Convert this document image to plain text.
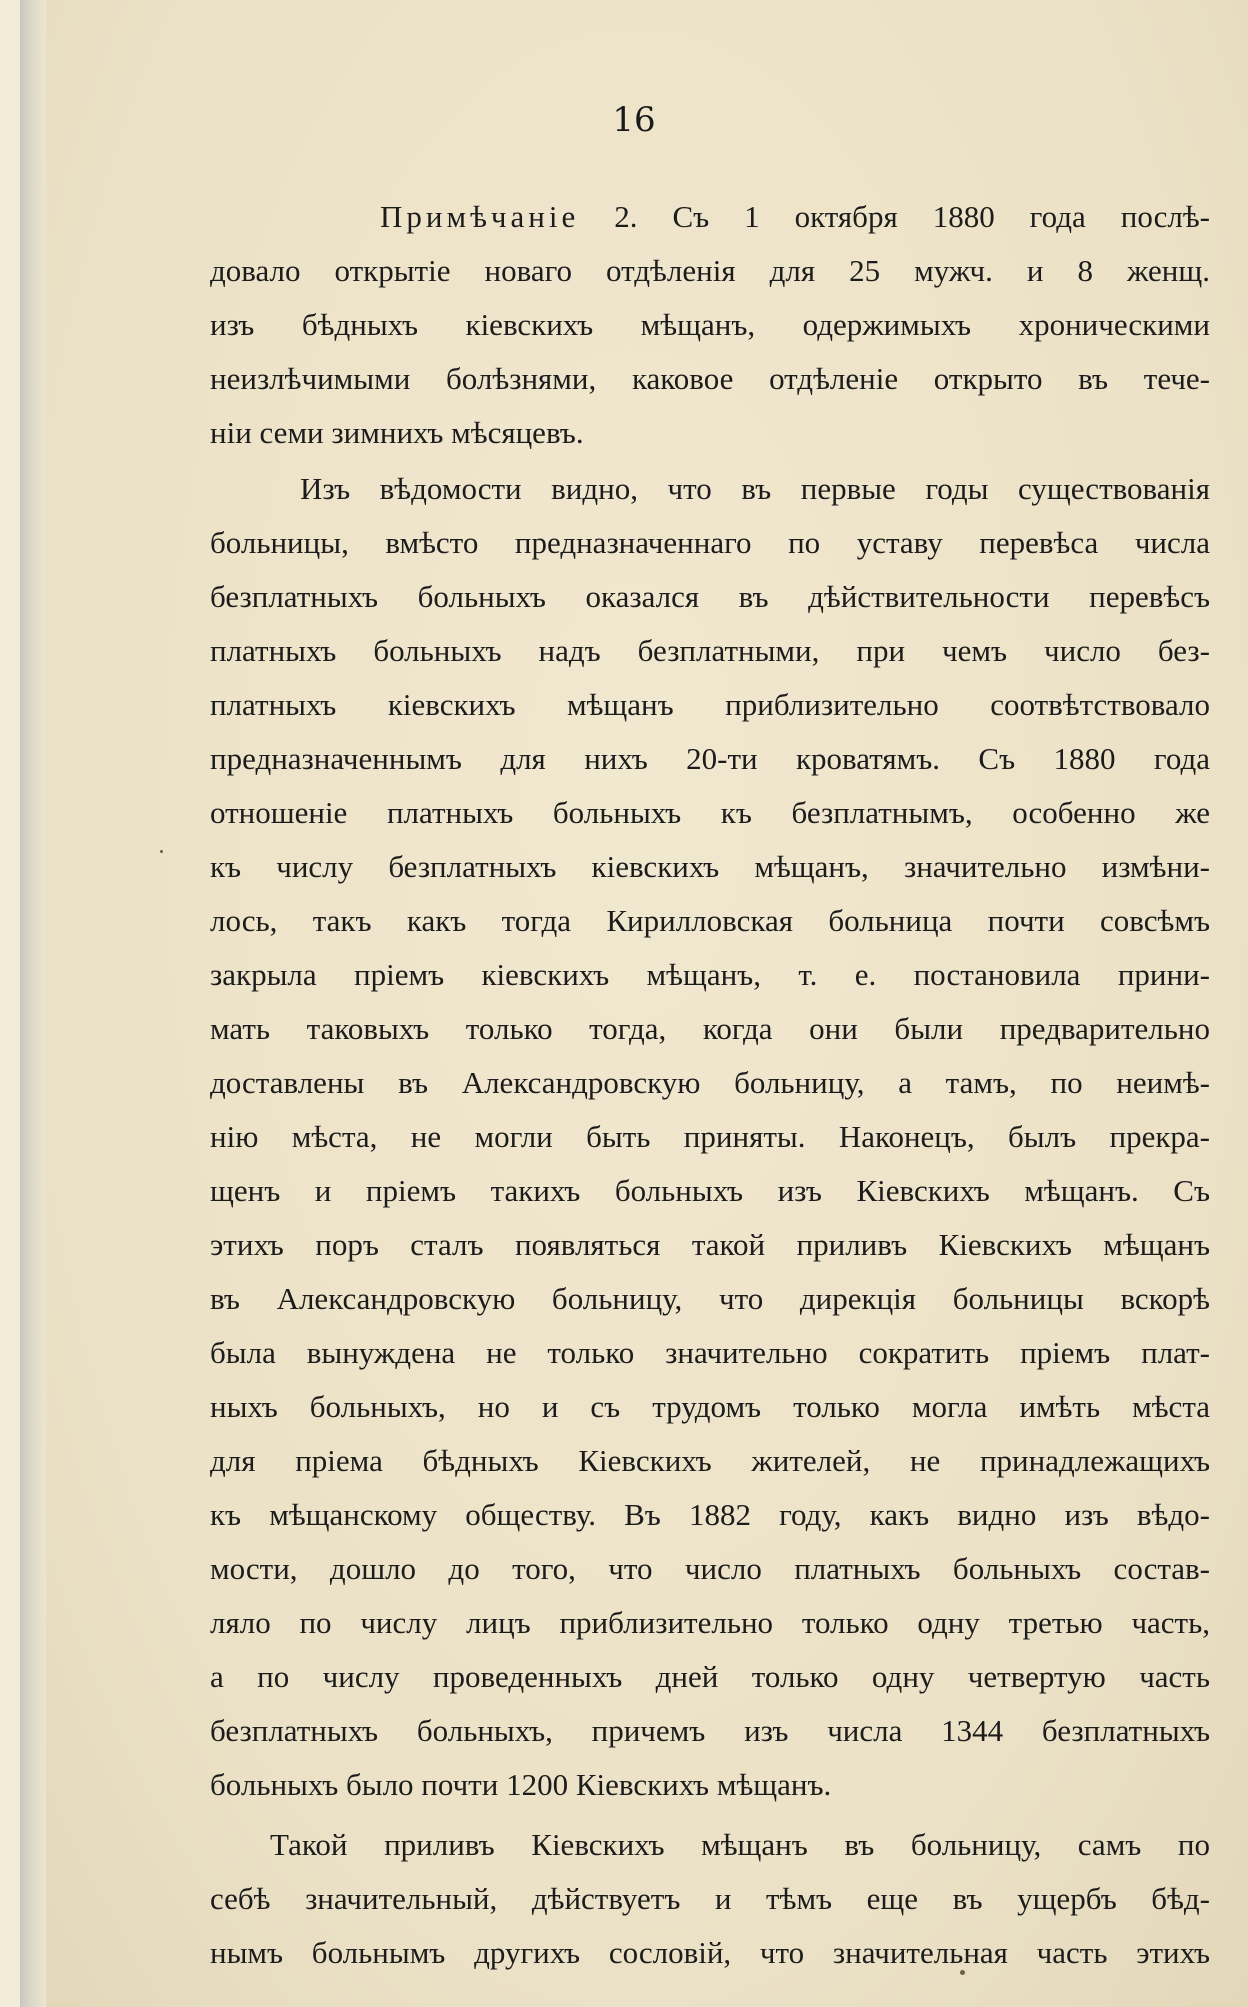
16
Примѣчаніе 2. Съ 1 октября 1880 года послѣ-
довало открытіе новаго отдѣленія для 25 мужч. и 8 женщ.
изъ бѣдныхъ кіевскихъ мѣщанъ, одержимыхъ хроническими
неизлѣчимыми болѣзнями, каковое отдѣленіе открыто въ тече-
ніи семи зимнихъ мѣсяцевъ.
Изъ вѣдомости видно, что въ первые годы существованія
больницы, вмѣсто предназначеннаго по уставу перевѣса числа
безплатныхъ больныхъ оказался въ дѣйствительности перевѣсъ
платныхъ больныхъ надъ безплатными, при чемъ число без-
платныхъ кіевскихъ мѣщанъ приблизительно соотвѣтствовало
предназначеннымъ для нихъ 20-ти кроватямъ. Съ 1880 года
отношеніе платныхъ больныхъ къ безплатнымъ, особенно же
къ числу безплатныхъ кіевскихъ мѣщанъ, значительно измѣни-
лось, такъ какъ тогда Кирилловская больница почти совсѣмъ
закрыла пріемъ кіевскихъ мѣщанъ, т. е. постановила прини-
мать таковыхъ только тогда, когда они были предварительно
доставлены въ Александровскую больницу, а тамъ, по неимѣ-
нію мѣста, не могли быть приняты. Наконецъ, былъ прекра-
щенъ и пріемъ такихъ больныхъ изъ Кіевскихъ мѣщанъ. Съ
этихъ поръ сталъ появляться такой приливъ Кіевскихъ мѣщанъ
въ Александровскую больницу, что дирекція больницы вскорѣ
была вынуждена не только значительно сократить пріемъ плат-
ныхъ больныхъ, но и съ трудомъ только могла имѣть мѣста
для пріема бѣдныхъ Кіевскихъ жителей, не принадлежащихъ
къ мѣщанскому обществу. Въ 1882 году, какъ видно изъ вѣдо-
мости, дошло до того, что число платныхъ больныхъ состав-
ляло по числу лицъ приблизительно только одну третью часть,
а по числу проведенныхъ дней только одну четвертую часть
безплатныхъ больныхъ, причемъ изъ числа 1344 безплатныхъ
больныхъ было почти 1200 Кіевскихъ мѣщанъ.
Такой приливъ Кіевскихъ мѣщанъ въ больницу, самъ по
себѣ значительный, дѣйствуетъ и тѣмъ еще въ ущербъ бѣд-
нымъ больнымъ другихъ сословій, что значительная часть этихъ
